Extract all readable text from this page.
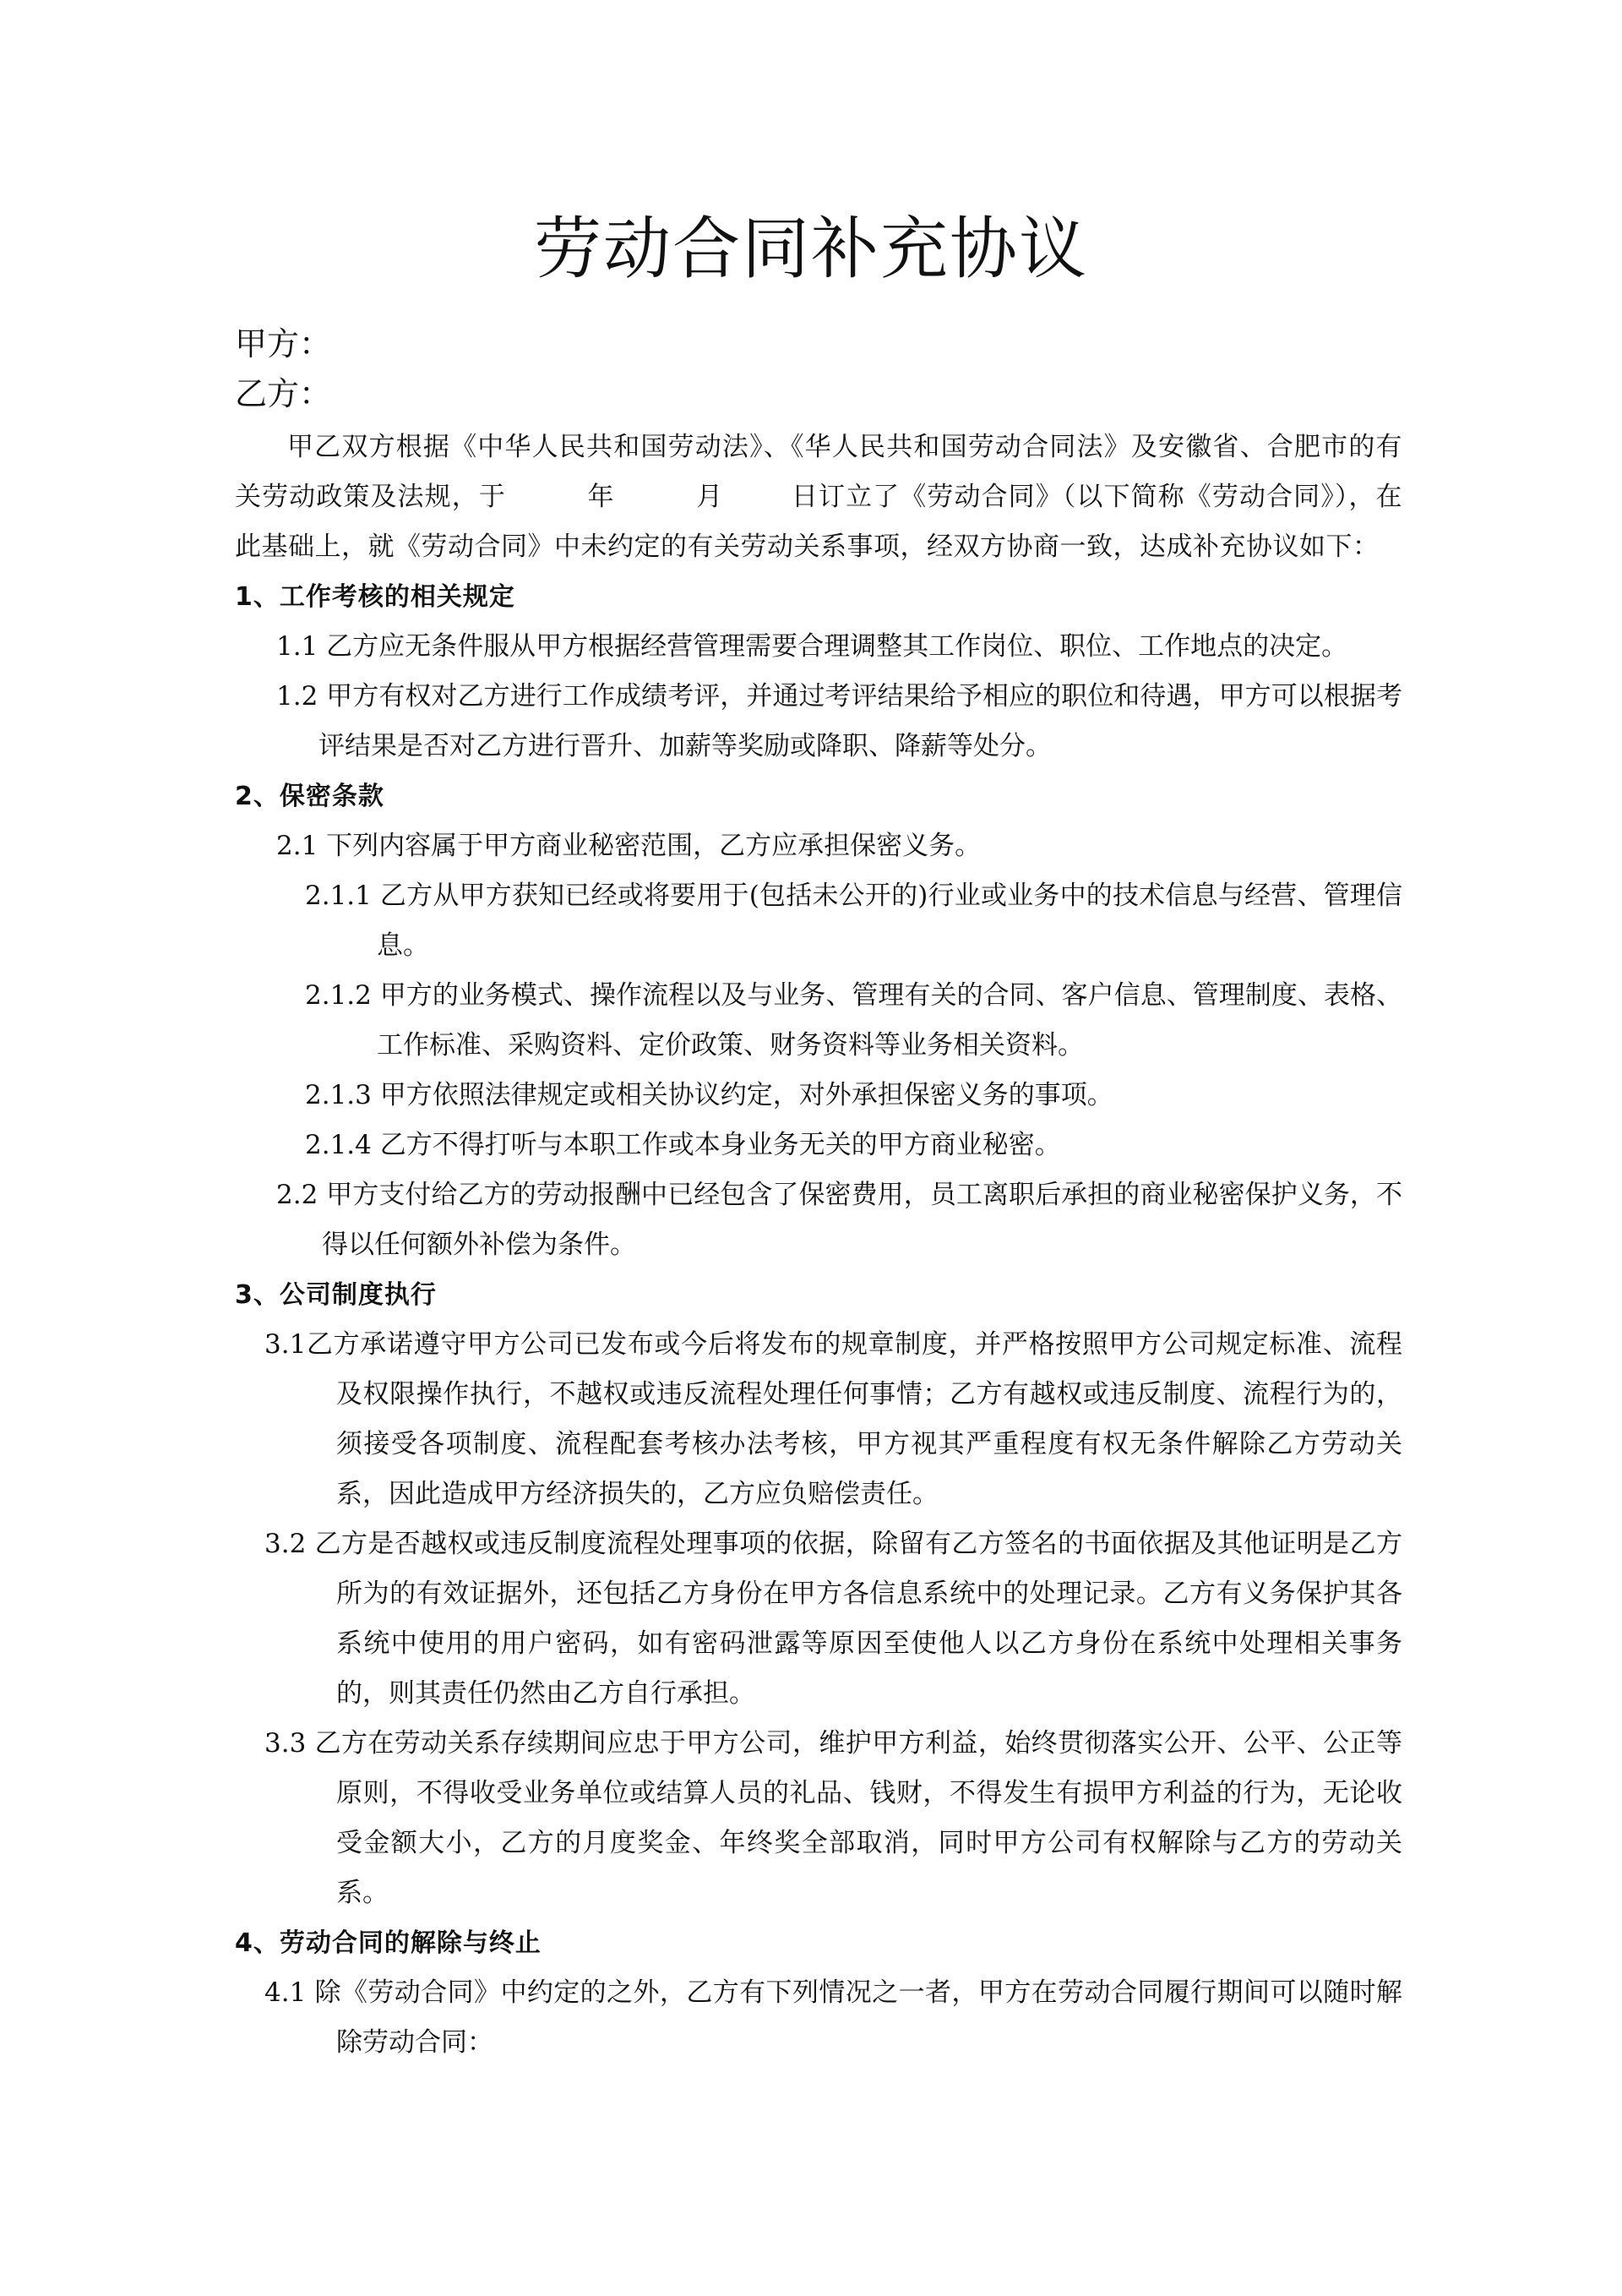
劳动合同补充协议

甲方：

乙方：

甲乙双方根据《中华人民共和国劳动法》、《华人民共和国劳动合同法》及安徽省、合肥市的有关劳动政策及法规，于	年	月	日订立了《劳动合同》（以下简称《劳动合同》），在此基础上，就《劳动合同》中未约定的有关劳动关系事项，经双方协商一致，达成补充协议如下：

1、工作考核的相关规定

1.1 乙方应无条件服从甲方根据经营管理需要合理调整其工作岗位、职位、工作地点的决定。

1.2 甲方有权对乙方进行工作成绩考评，并通过考评结果给予相应的职位和待遇，甲方可以根据考评结果是否对乙方进行晋升、加薪等奖励或降职、降薪等处分。

2、保密条款

2.1 下列内容属于甲方商业秘密范围，乙方应承担保密义务。

2.1.1 乙方从甲方获知已经或将要用于(包括未公开的)行业或业务中的技术信息与经营、管理信息。

2.1.2 甲方的业务模式、操作流程以及与业务、管理有关的合同、客户信息、管理制度、表格、工作标准、采购资料、定价政策、财务资料等业务相关资料。

2.1.3 甲方依照法律规定或相关协议约定，对外承担保密义务的事项。

2.1.4 乙方不得打听与本职工作或本身业务无关的甲方商业秘密。

2.2 甲方支付给乙方的劳动报酬中已经包含了保密费用，员工离职后承担的商业秘密保护义务，不得以任何额外补偿为条件。

3、公司制度执行

3.1乙方承诺遵守甲方公司已发布或今后将发布的规章制度，并严格按照甲方公司规定标准、流程及权限操作执行，不越权或违反流程处理任何事情；乙方有越权或违反制度、流程行为的，须接受各项制度、流程配套考核办法考核，甲方视其严重程度有权无条件解除乙方劳动关系，因此造成甲方经济损失的，乙方应负赔偿责任。

3.2 乙方是否越权或违反制度流程处理事项的依据，除留有乙方签名的书面依据及其他证明是乙方所为的有效证据外，还包括乙方身份在甲方各信息系统中的处理记录。乙方有义务保护其各系统中使用的用户密码，如有密码泄露等原因至使他人以乙方身份在系统中处理相关事务的，则其责任仍然由乙方自行承担。

3.3 乙方在劳动关系存续期间应忠于甲方公司，维护甲方利益，始终贯彻落实公开、公平、公正等原则，不得收受业务单位或结算人员的礼品、钱财，不得发生有损甲方利益的行为，无论收受金额大小，乙方的月度奖金、年终奖全部取消，同时甲方公司有权解除与乙方的劳动关系。

4、劳动合同的解除与终止

4.1 除《劳动合同》中约定的之外，乙方有下列情况之一者，甲方在劳动合同履行期间可以随时解除劳动合同：
